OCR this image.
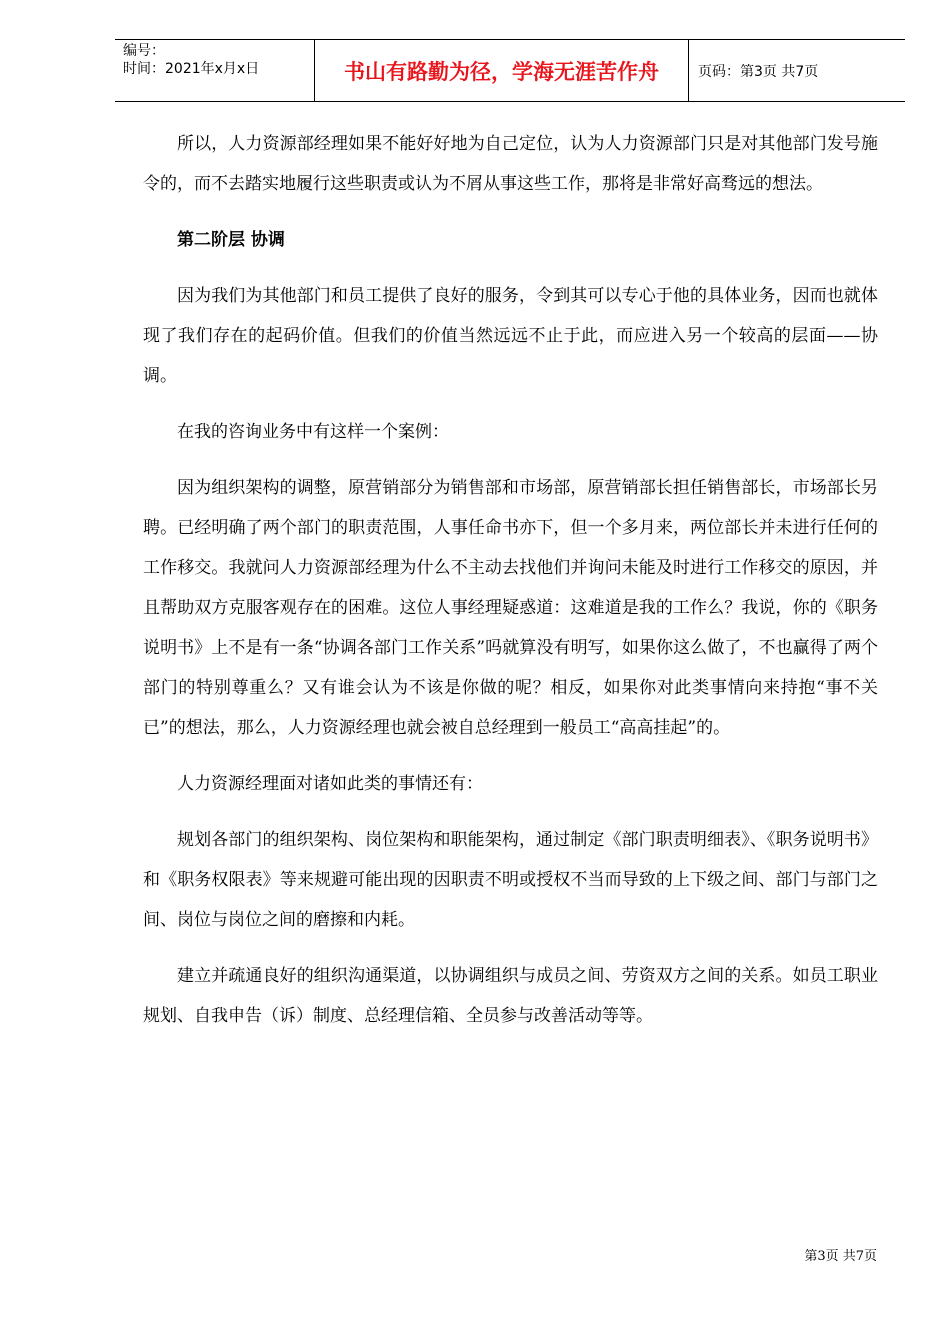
编号：
时间：2021年x月x日	书山有路勤为径，学海无涯苦作舟	页码：第3页 共7页

所以，人力资源部经理如果不能好好地为自己定位，认为人力资源部门只是对其他部门发号施令的，而不去踏实地履行这些职责或认为不屑从事这些工作，那将是非常好高骛远的想法。

第二阶层 协调

因为我们为其他部门和员工提供了良好的服务，令到其可以专心于他的具体业务，因而也就体现了我们存在的起码价值。但我们的价值当然远远不止于此，而应进入另一个较高的层面——协调。

在我的咨询业务中有这样一个案例：

因为组织架构的调整，原营销部分为销售部和市场部，原营销部长担任销售部长，市场部长另聘。已经明确了两个部门的职责范围，人事任命书亦下，但一个多月来，两位部长并未进行任何的工作移交。我就问人力资源部经理为什么不主动去找他们并询问未能及时进行工作移交的原因，并且帮助双方克服客观存在的困难。这位人事经理疑惑道：这难道是我的工作么？我说，你的《职务说明书》上不是有一条“协调各部门工作关系”吗就算没有明写，如果你这么做了，不也赢得了两个部门的特别尊重么？又有谁会认为不该是你做的呢？相反，如果你对此类事情向来持抱“事不关已”的想法，那么，人力资源经理也就会被自总经理到一般员工“高高挂起”的。

人力资源经理面对诸如此类的事情还有：

规划各部门的组织架构、岗位架构和职能架构，通过制定《部门职责明细表》、《职务说明书》和《职务权限表》等来规避可能出现的因职责不明或授权不当而导致的上下级之间、部门与部门之间、岗位与岗位之间的磨擦和内耗。

建立并疏通良好的组织沟通渠道，以协调组织与成员之间、劳资双方之间的关系。如员工职业规划、自我申告（诉）制度、总经理信箱、全员参与改善活动等等。

第3页 共7页
